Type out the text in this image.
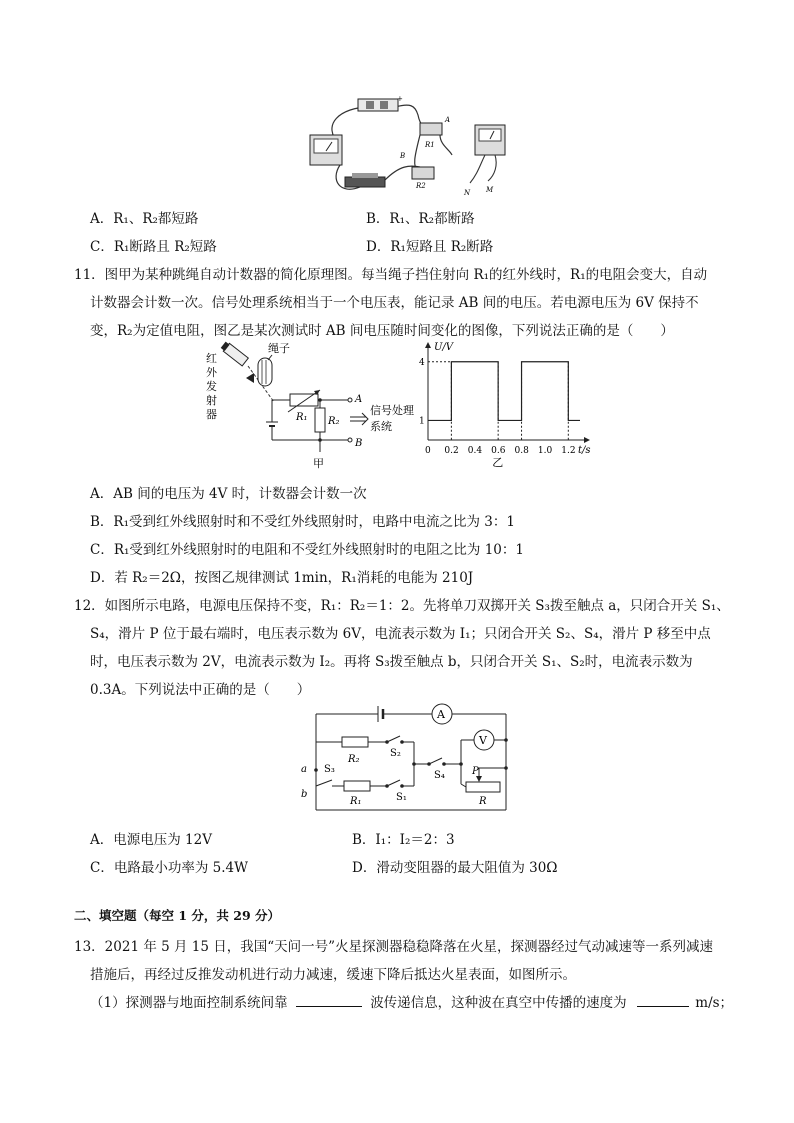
+
A
R1
B
R2
N M
A．R₁、R₂都短路	B．R₁、R₂都断路
C．R₁断路且 R₂短路	D．R₁短路且 R₂断路
11．图甲为某种跳绳自动计数器的简化原理图。每当绳子挡住射向 R₁的红外线时，R₁的电阻会变大，自动
计数器会计数一次。信号处理系统相当于一个电压表，能记录 AB 间的电压。若电源电压为 6V 保持不
变，R₂为定值电阻，图乙是某次测试时 AB 间电压随时间变化的图像，下列说法正确的是（　　）
红
外
发
射
器
绳子
R₁ R₂
A
B
信号处理
系统
甲
U/V
t/s
0 0.2 0.4 0.6 0.8 1.0 1.2
1
4
乙
A．AB 间的电压为 4V 时，计数器会计数一次
B．R₁受到红外线照射时和不受红外线照射时，电路中电流之比为 3：1
C．R₁受到红外线照射时的电阻和不受红外线照射时的电阻之比为 10：1
D．若 R₂＝2Ω，按图乙规律测试 1min，R₁消耗的电能为 210J
12．如图所示电路，电源电压保持不变，R₁：R₂＝1：2。先将单刀双掷开关 S₃拨至触点 a，只闭合开关 S₁、
S₄，滑片 P 位于最右端时，电压表示数为 6V，电流表示数为 I₁；只闭合开关 S₂、S₄，滑片 P 移至中点
时，电压表示数为 2V，电流表示数为 I₂。再将 S₃拨至触点 b，只闭合开关 S₁、S₂时，电流表示数为
0.3A。下列说法中正确的是（　　）
A
R₂
S₂
a
b
S₃
R₁	S₁
S₄
V
P
R
A．电源电压为 12V	B．I₁：I₂＝2：3
C．电路最小功率为 5.4W	D．滑动变阻器的最大阻值为 30Ω
二、填空题（每空 1 分，共 29 分）
13．2021 年 5 月 15 日，我国“天问一号”火星探测器稳稳降落在火星，探测器经过气动减速等一系列减速
措施后，再经过反推发动机进行动力减速，缓速下降后抵达火星表面，如图所示。
（1）探测器与地面控制系统间靠	波传递信息，这种波在真空中传播的速度为	m/s；
